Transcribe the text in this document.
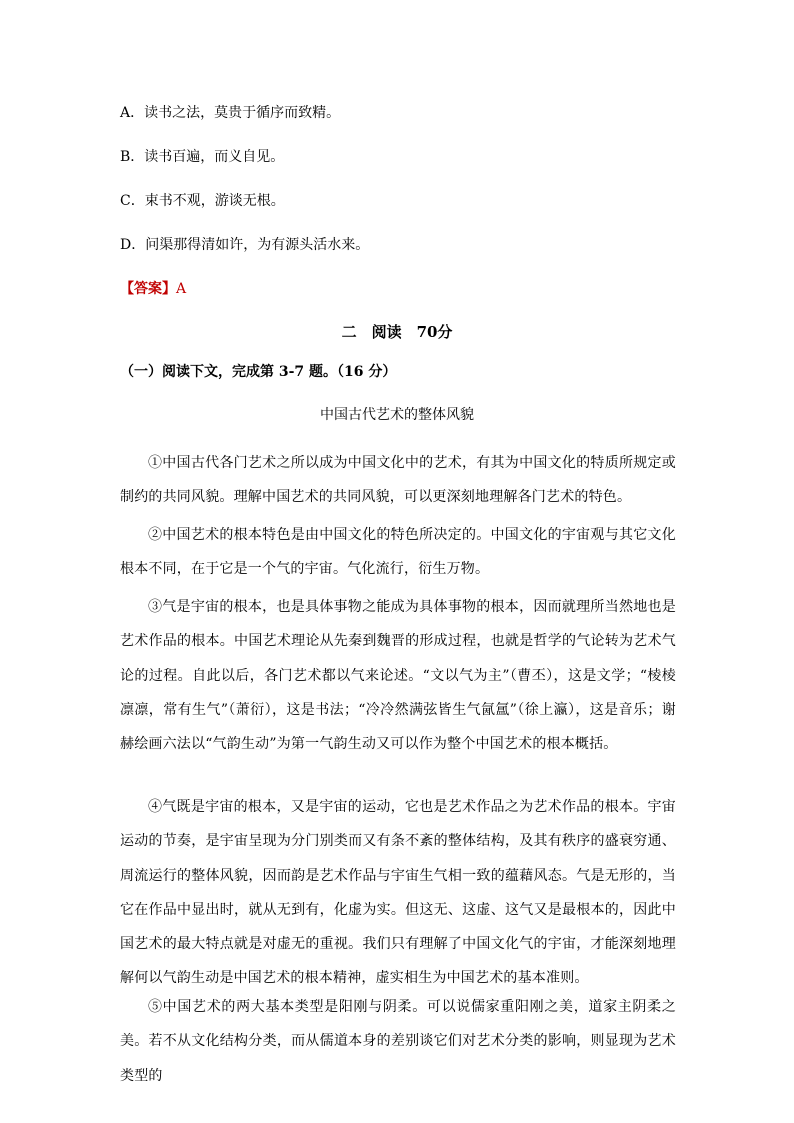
A．读书之法，莫贵于循序而致精。
B．读书百遍，而义自见。
C．束书不观，游谈无根。
D．问渠那得清如许，为有源头活水来。
【答案】A
二　阅读　70分
（一）阅读下文，完成第 3-7 题。（16 分）
中国古代艺术的整体风貌
①中国古代各门艺术之所以成为中国文化中的艺术，有其为中国文化的特质所规定或制约的共同风貌。理解中国艺术的共同风貌，可以更深刻地理解各门艺术的特色。
②中国艺术的根本特色是由中国文化的特色所决定的。中国文化的宇宙观与其它文化根本不同，在于它是一个气的宇宙。气化流行，衍生万物。
③气是宇宙的根本，也是具体事物之能成为具体事物的根本，因而就理所当然地也是艺术作品的根本。中国艺术理论从先秦到魏晋的形成过程，也就是哲学的气论转为艺术气论的过程。自此以后，各门艺术都以气来论述。“文以气为主”（曹丕），这是文学；“棱棱凛凛，常有生气”（萧衍），这是书法；“冷冷然满弦皆生气氤氲”（徐上瀛），这是音乐；谢赫绘画六法以“气韵生动”为第一气韵生动又可以作为整个中国艺术的根本概括。
④气既是宇宙的根本，又是宇宙的运动，它也是艺术作品之为艺术作品的根本。宇宙运动的节奏，是宇宙呈现为分门别类而又有条不紊的整体结构，及其有秩序的盛衰穷通、周流运行的整体风貌，因而韵是艺术作品与宇宙生气相一致的蕴藉风态。气是无形的，当它在作品中显出时，就从无到有，化虚为实。但这无、这虚、这气又是最根本的，因此中国艺术的最大特点就是对虚无的重视。我们只有理解了中国文化气的宇宙，才能深刻地理解何以气韵生动是中国艺术的根本精神，虚实相生为中国艺术的基本准则。
⑤中国艺术的两大基本类型是阳刚与阴柔。可以说儒家重阳刚之美，道家主阴柔之美。若不从文化结构分类，而从儒道本身的差别谈它们对艺术分类的影响，则显现为艺术类型的
